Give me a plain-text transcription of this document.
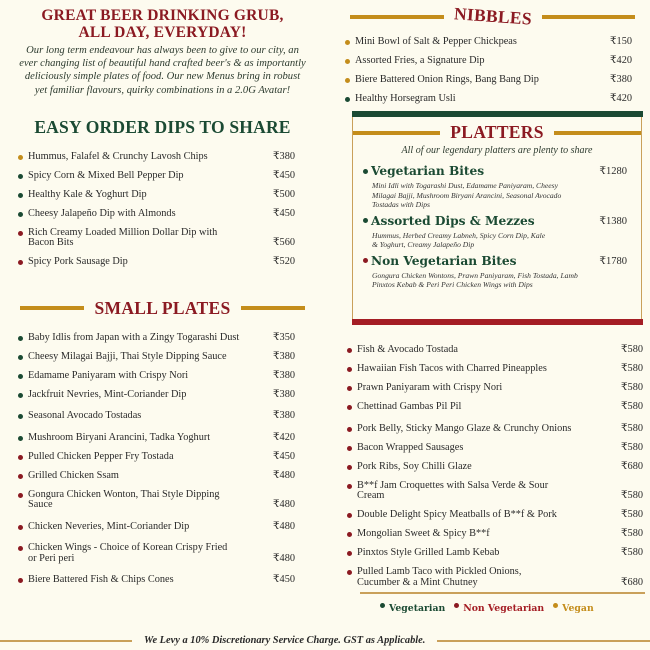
GREAT BEER DRINKING GRUB,
ALL DAY, EVERYDAY!

Our long term endeavour has always been to give to our city, an ever changing list of beautiful hand crafted beer's & as importantly deliciously simple plates of food. Our new Menus bring in robust yet familiar flavours, quirky combinations in a 2.0G Avatar!

EASY ORDER DIPS TO SHARE
Hummus, Falafel & Crunchy Lavosh Chips	₹380
Spicy Corn & Mixed Bell Pepper Dip	₹450
Healthy Kale & Yoghurt Dip	₹500
Cheesy Jalapeño Dip with Almonds	₹450
Rich Creamy Loaded Million Dollar Dip with Bacon Bits	₹560
Spicy Pork Sausage Dip	₹520
SMALL PLATES
Baby Idlis from Japan with a Zingy Togarashi Dust	₹350
Cheesy Milagai Bajji, Thai Style Dipping Sauce	₹380
Edamame Paniyaram with Crispy Nori	₹380
Jackfruit Nevries, Mint-Coriander Dip	₹380
Seasonal Avocado Tostadas	₹380
Mushroom Biryani Arancini, Tadka Yoghurt	₹420
Pulled Chicken Pepper Fry Tostada	₹450
Grilled Chicken Ssam	₹480
Gongura Chicken Wonton, Thai Style Dipping Sauce	₹480
Chicken Neveries, Mint-Coriander Dip	₹480
Chicken Wings - Choice of Korean Crispy Fried or Peri peri	₹480
Biere Battered Fish & Chips Cones	₹450
NIBBLES
Mini Bowl of Salt & Pepper Chickpeas	₹150
Assorted Fries, a Signature Dip	₹420
Biere Battered Onion Rings, Bang Bang Dip	₹380
Healthy Horsegram Usli	₹420
PLATTERS
All of our legendary platters are plenty to share
Vegetarian Bites	₹1280
Mini Idli with Togarashi Dust, Edamame Paniyaram, Cheesy Milagai Bajji, Mushroom Biryani Arancini, Seasonal Avocado Tostadas with Dips
Assorted Dips & Mezzes	₹1380
Hummus, Herbed Creamy Labneh, Spicy Corn Dip, Kale & Yoghurt, Creamy Jalapeño Dip
Non Vegetarian Bites	₹1780
Gongura Chicken Wontons, Prawn Paniyaram, Fish Tostada, Lamb Pinxtos Kebab & Peri Peri Chicken Wings with Dips
Fish & Avocado Tostada	₹580
Hawaiian Fish Tacos with Charred Pineapples	₹580
Prawn Paniyaram with Crispy Nori	₹580
Chettinad Gambas Pil Pil	₹580
Pork Belly, Sticky Mango Glaze & Crunchy Onions	₹580
Bacon Wrapped Sausages	₹580
Pork Ribs, Soy Chilli Glaze	₹680
B**f Jam Croquettes with Salsa Verde & Sour Cream	₹580
Double Delight Spicy Meatballs of B**f & Pork	₹580
Mongolian Sweet & Spicy B**f	₹580
Pinxtos Style Grilled Lamb Kebab	₹580
Pulled Lamb Taco with Pickled Onions, Cucumber & a Mint Chutney	₹680
Vegetarian Non Vegetarian Vegan
We Levy a 10% Discretionary Service Charge. GST as Applicable.
